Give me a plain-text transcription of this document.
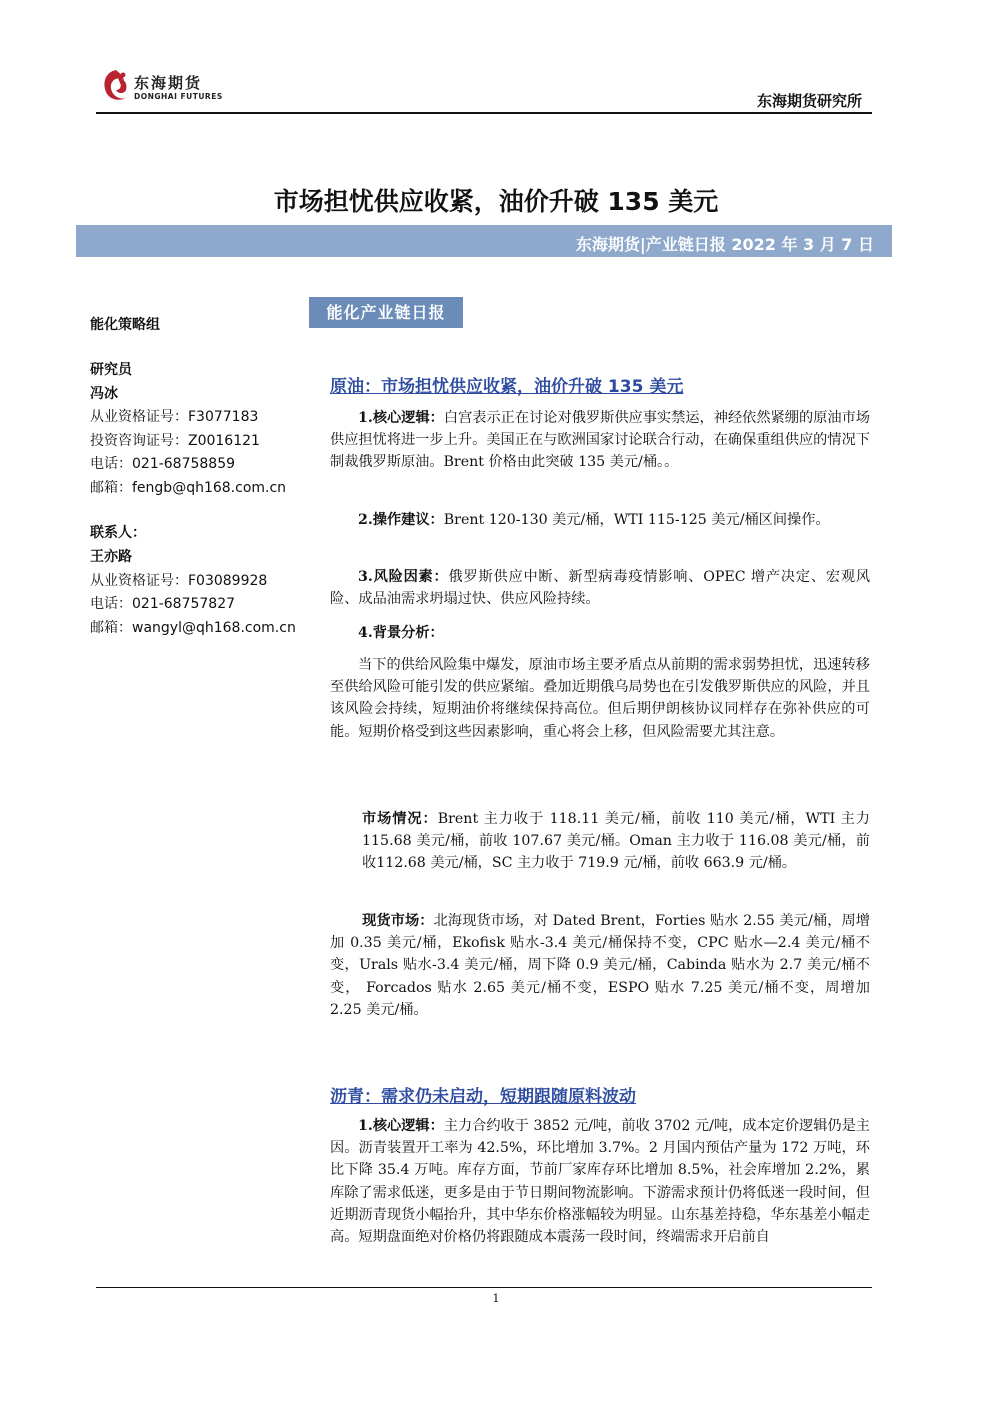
东海期货
DONGHAI FUTURES	东海期货研究所
市场担忧供应收紧，油价升破 135 美元
东海期货|产业链日报 2022 年 3 月 7 日
能化策略组
研究员
冯冰
从业资格证号：F3077183
投资咨询证号：Z0016121
电话：021-68758859
邮箱：fengb@qh168.com.cn
联系人：
王亦路
从业资格证号：F03089928
电话：021-68757827
邮箱：wangyl@qh168.com.cn
能化产业链日报
原油：市场担忧供应收紧，油价升破 135 美元
1.核心逻辑：白宫表示正在讨论对俄罗斯供应事实禁运，神经依然紧绷的原油市场供应担忧将进一步上升。美国正在与欧洲国家讨论联合行动，在确保重组供应的情况下制裁俄罗斯原油。Brent 价格由此突破 135 美元/桶。。
2.操作建议：Brent 120-130 美元/桶，WTI 115-125 美元/桶区间操作。
3.风险因素：俄罗斯供应中断、新型病毒疫情影响、OPEC 增产决定、宏观风险、成品油需求坍塌过快、供应风险持续。
4.背景分析：
当下的供给风险集中爆发，原油市场主要矛盾点从前期的需求弱势担忧，迅速转移至供给风险可能引发的供应紧缩。叠加近期俄乌局势也在引发俄罗斯供应的风险，并且该风险会持续，短期油价将继续保持高位。但后期伊朗核协议同样存在弥补供应的可能。短期价格受到这些因素影响，重心将会上移，但风险需要尤其注意。
市场情况：Brent 主力收于 118.11 美元/桶，前收 110 美元/桶，WTI 主力 115.68 美元/桶，前收 107.67 美元/桶。Oman 主力收于 116.08 美元/桶，前收112.68 美元/桶，SC 主力收于 719.9 元/桶，前收 663.9 元/桶。
现货市场：北海现货市场，对 Dated Brent，Forties 贴水 2.55 美元/桶，周增加 0.35 美元/桶，Ekofisk 贴水-3.4 美元/桶保持不变，CPC 贴水—2.4 美元/桶不变，Urals 贴水-3.4 美元/桶，周下降 0.9 美元/桶，Cabinda 贴水为 2.7 美元/桶不变， Forcados 贴水 2.65 美元/桶不变，ESPO 贴水 7.25 美元/桶不变，周增加 2.25 美元/桶。
沥青：需求仍未启动，短期跟随原料波动
1.核心逻辑：主力合约收于 3852 元/吨，前收 3702 元/吨，成本定价逻辑仍是主因。沥青装置开工率为 42.5%，环比增加 3.7%。2 月国内预估产量为 172 万吨，环比下降 35.4 万吨。库存方面，节前厂家库存环比增加 8.5%，社会库增加 2.2%，累库除了需求低迷，更多是由于节日期间物流影响。下游需求预计仍将低迷一段时间，但近期沥青现货小幅抬升，其中华东价格涨幅较为明显。山东基差持稳，华东基差小幅走高。短期盘面绝对价格仍将跟随成本震荡一段时间，终端需求开启前自
1
